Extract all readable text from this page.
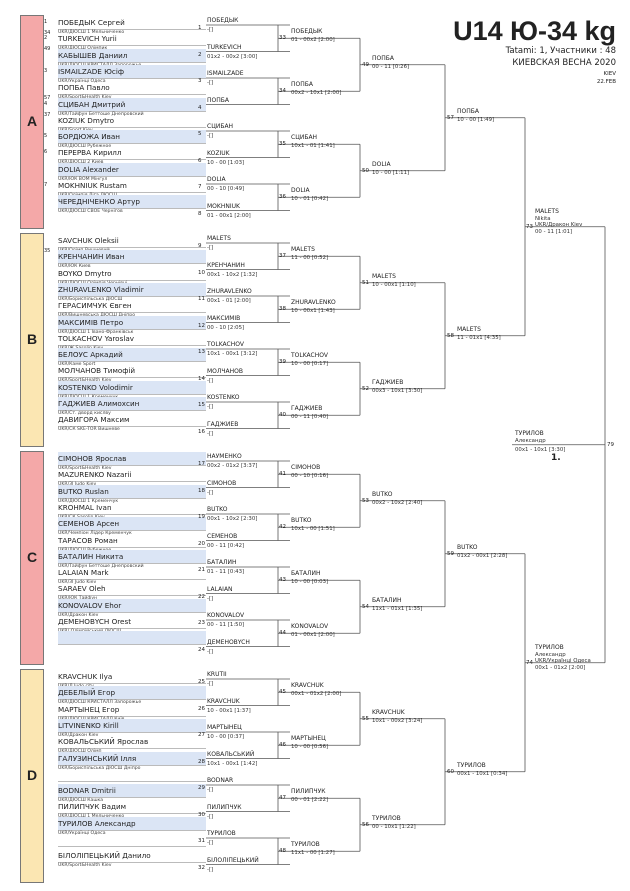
U14 Ю-34 kg
Tatami: 1, Участники : 48
КИЕВСКАЯ ВЕСНА 2020
KIEV
22.FEB
A
B
C
D
1
34
ПОБЕДЫК Сергей
UKR/ДЮСШ 1 Мельниченко
2
49
TURKEVICH Yurii
КАБЫШЕВ Даниил
3 ISMAILZADE Юсіф
UKR/Українці Одеса
57
ПОПБА Павло
4
37
СЦИБАН Дмитрий
UKR/Тайфун Беттоше Днепровский
KOZIUK Dmytro
5 БОРДЮЖА Иван
UKR/ДЮСШ Рубежное
6 ПЕРЕРВА Кирилл
DOLIA Alexander
UKR/ЮК ВОМ Miнгул
7 MOKHNIUK Rustam
ЧЕРЕДНІЧЕНКО Артур
UKR/ДЮСШ СВОЕ Чернігов
35
SAVCHUK Oleksii
КРЕНЧАНИН Иван
UKR/ЮК Киев
BOYKO Dmytro
ZHURAVLENKO Vladimir
UKR/Бориспільська ДЮСШ
ГЕРАСИМЧУК Євген
МАКСИМІВ Петро
UKR/ДЮСШ 1 Івано-Франківськ
TOLKACHOV Yaroslav
БЕЛОУС Аркадий
UKR/Каме Sport
МОЛЧАНОВ Тимофій
KOSTENKO Volodimir
ГАДЖИЕВ Алимохсин
UKR/Ст. дворд кислву
ДАВИГОРА Максим
UKR/СК SKE-TOR Вишневе
CIMOHOB Ярослав
UKR/Sport&Health Kiev
MAZURENKO Nazarii
BUTKO Ruslan
UKR/ДЮСШ 1 Кременчук
KROHMAL Ivan
СЕМЕНОВ Арсен
UKR/Чемпіон Лідер Кременчук
ТАРАСОВ Роман
БАТАЛИН Никита
UKR/Тайфун Беттоше Днепровский
LALAIAN Mark
UKR/ЗІ Judo Kiev
SARAEV Oleh
KONOVALOV Ehor
UKR/Дракон Kiev
ДЕМЕНОВYCH Orest
KRAVCHUK Ilya
ДЕБЕЛЬІЙ Егор
UKR/ДЮСШ КРИСТАЛЛ Запорожье
MAPTЫHEЦ Егор
LITVINENKO Kirill
UKR/Дракон Kiev
КОВАЛЬСЬКИЙ Ярослав
ГАЛУЗИНСЬКИЙ Ілля
UKR/Бориспільська ДЮСШ Дніпро
BODNAR Dmitrii
UKR/ДЮСШ Кашка
ПИЛИПЧУК Вадим
ТУРИЛОВ Александр
UKR/Українці Одеса
БІЛОЛІПЕЦЬКИЙ Данило
UKR/Sport&Health Kiev
ПОБЕДЫК
-[]
1
TURKEVICH
01х2 - 00х2 [3:00]
2
ISMAILZADE
-[]
3
ПОПБА
4
СЦИБАН
-[]
5
KOZIUK
10 - 00 [1:03]
6
DOLIA
00 - 10 [0:49]
7
MOKHNIUK
01 - 00х1 [2:00]
8
MALETS
-[]
9
КРЕНЧАНИН
00х1 - 10х2 [1:32]
10
ZHURAVLENKO
00х1 - 01 [2:00]
11
МАКСИМІВ
00 - 10 [2:05]
12
TOLKACHOV
10х1 - 00х1 [3:12]
13
МОЛЧАНОВ
-[]
14
KOSTENKO
-[]
15
ГАДЖИЕВ
-[]
16
НАУМЕНКО
00х2 - 01х2 [3:37]
17
CIMOHOB
-[]
18
BUTKO
00х1 - 10х2 [2:30]
19
СЕМЕНОВ
00 - 11 [0:42]
20
БАТАЛИН
01 - 11 [0:43]
21
LALAIAN
-[]
22
KONOVALOV
00 - 11 [1:50]
23
ДЕМЕНОВYCH
-[]
24
KRUTII
-[]
25
KRAVCHUK
10 - 00х1 [1:37]
26
МАРТЫНЕЦ
10 - 00 [0:37]
27
КОВАЛЬСЬКИЙ
10х1 - 00х1 [1:42]
28
BODNAR
-[]
29
ПИЛИПЧУК
-[]
30
ТУРИЛОВ
-[]
31
БІЛОЛІПЕЦЬКИЙ
-[]
32
33
ПОБЕДЫК
01 - 00х2 [2:00]
34
ПОПБА
00х2 - 10х1 [2:00]
35
СЦИБАН
10х1 - 01 [1:41]
36
DOLIA
10 - 01 [0:42]
37
MALETS
11 - 00 [0:52]
38
ZHURAVLENKO
10 - 00х1 [1:43]
39
TOLKACHOV
10 - 00 [0:17]
40
ГАДЖИЕВ
00 - 11 [0:40]
41
CIMOHOB
00 - 10 [0:16]
42
BUTKO
10х1 - 00 [1:51]
43
БАТАЛИН
10 - 00 [0:03]
44
KONOVALOV
01 - 00х1 [2:00]
45
KRAVCHUK
00х1 - 01х2 [2:00]
46
МАРТЫНЕЦ
10 - 00 [0:56]
47
ПИЛИПЧУК
00 - 01 [2:22]
48
ТУРИЛОВ
11х1 - 00 [1:27]
49
ПОПБА
00 - 11 [0:26]
50
DOLIA
10 - 00 [1:11]
51
MALETS
10 - 00х1 [1:10]
52
ГАДЖИЕВ
00х3 - 10х1 [3:30]
53
BUTKO
00х2 - 10х2 [2:40]
54
БАТАЛИН
11х1 - 01х1 [1:35]
55
KRAVCHUK
10х1 - 00х2 [3:24]
56
ТУРИЛОВ
00 - 10х1 [1:22]
57
ПОПБА
10 - 00 [1:49]
58
MALETS
11 - 01х1 [4:35]
59
BUTKO
01х2 - 00х1 [2:28]
60
ТУРИЛОВ
00х1 - 10х1 [0:34]
73
MALETS
Nikita
UKR/Дракон Kiev
00 - 11 [1:01]
74
ТУРИЛОВ
Александр
UKR/Українці Одеса
00х1 - 01х2 [2:00]
79
ТУРИЛОВ
Александр
00х1 - 10х1 [3:30]
1.
